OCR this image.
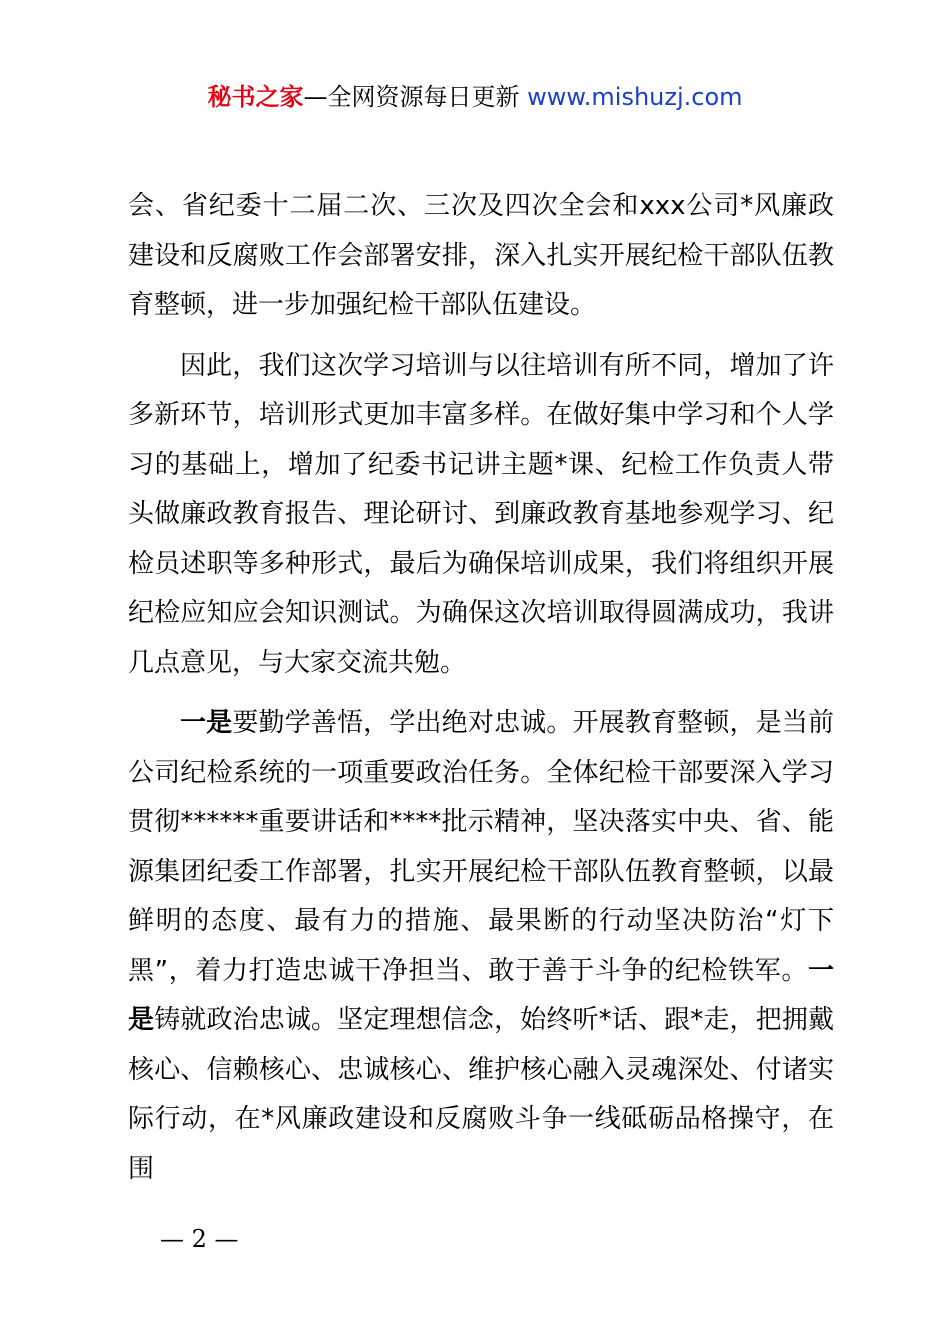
秘书之家—全网资源每日更新 www.mishuzj.com

会、省纪委十二届二次、三次及四次全会和xxx公司*风廉政建设和反腐败工作会部署安排，深入扎实开展纪检干部队伍教育整顿，进一步加强纪检干部队伍建设。

因此，我们这次学习培训与以往培训有所不同，增加了许多新环节，培训形式更加丰富多样。在做好集中学习和个人学习的基础上，增加了纪委书记讲主题*课、纪检工作负责人带头做廉政教育报告、理论研讨、到廉政教育基地参观学习、纪检员述职等多种形式，最后为确保培训成果，我们将组织开展纪检应知应会知识测试。为确保这次培训取得圆满成功，我讲几点意见，与大家交流共勉。

一是要勤学善悟，学出绝对忠诚。开展教育整顿，是当前公司纪检系统的一项重要政治任务。全体纪检干部要深入学习贯彻******重要讲话和****批示精神，坚决落实中央、省、能源集团纪委工作部署，扎实开展纪检干部队伍教育整顿，以最鲜明的态度、最有力的措施、最果断的行动坚决防治“灯下黑”，着力打造忠诚干净担当、敢于善于斗争的纪检铁军。一是铸就政治忠诚。坚定理想信念，始终听*话、跟*走，把拥戴核心、信赖核心、忠诚核心、维护核心融入灵魂深处、付诸实际行动，在*风廉政建设和反腐败斗争一线砥砺品格操守，在围

— 2 —
